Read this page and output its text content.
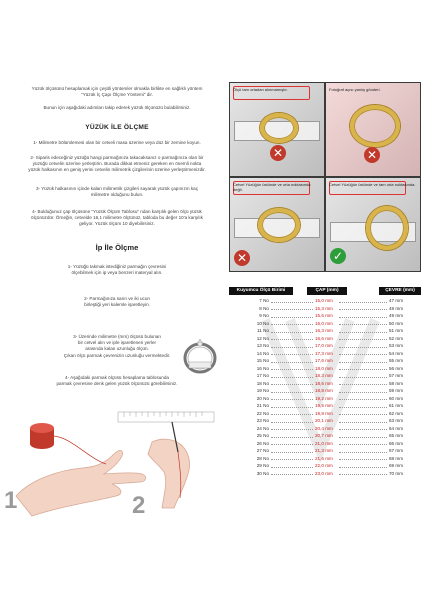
Yüzük ölçüsünü hesaplamak için çeşitli yöntemler olmakla birlikte en sağlıklı yöntem
"Yüzük İç Çapı Ölçme Yöntemi" dir.
Bunun için aşağıdaki adımları takip ederek yüzük ölçünüzü bulabilirsiniz.
YÜZÜK İLE ÖLÇME
1- Milimetre bölümlemesi olan bir cetveli masa üzerine veya düz bir zemine koyun.
2- Siparis edeceğiniz yüzüğü hangi parmağınıza takacaksanız o parmağınıza olan bir
yüzüğü cetvelin üzerine yerleştirin. Burada dikkat etmeniz gereken en önemli nokta
yüzük halkasının en geniş yerini cetvelin milimetrik çizgilerinin üzerine yerleştirmenizdir.
3- Yüzük halkasının içinde kalan milimetrik çizgileri sayarak yüzük çapınızın kaç
milimetre olduğunu bulun.
4- Bulduğunuz çap ölçüsüne "Yüzük Ölçüm Tablosu" ndan karşılık gelen ölçü yüzük
ölçünüzdür. Örneğin, cetvelde 16,1 milimetre ölçtünüz, tabloda bu değer 10'a karşılık
geliyor. Yüzük ölçüm 10 diyebilirsiniz.
İp İle Ölçme
1- Yüzüğü takmak istediğiniz parmağın çevresini
ölçebilmek için ip veya benzeri materyal alın.
2- Parmağınıza sarın ve iki ucun
birleştiği yeri kalemle işaretleyin.
3- Üzerinde milimetre (mm) ölçüsü bulunan
bir cetvel alın ve iple işaretlenen yerler
arasında kalan uzunluğu ölçün.
Çıkan ölçü parmak çevrenizin uzunluğu vermektedir.
4- Aşağıdaki parmak ölçüsü hesaplama tablosunda
parmak çevresine denk gelen yüzük ölçünüzü görebilirsiniz.
1	2
Ölçü tam ortadan alınmamıştır.
✕
Fotoğraf açısı yanlış gönderi.
✕
Cetvel Yüzüğün üstünde ve orta noktasında değil.
✕
Cetvel Yüzüğün üstünde ve tam orta noktasında.
✓
Kuyumcu Ölçü Birimi	ÇAP (mm)	ÇEVRE (mm)
7 No	15,0 mm	47 mm
8 No	15,3 mm	48 mm
9 No	15,6 mm	49 mm
10 No	16,0 mm	50 mm
11 No	16,3 mm	51 mm
12 No	16,6 mm	52 mm
13 No	17,0 mm	53 mm
14 No	17,3 mm	54 mm
15 No	17,6 mm	55 mm
16 No	18,0 mm	56 mm
17 No	18,3 mm	57 mm
18 No	18,6 mm	58 mm
19 No	18,8 mm	59 mm
20 No	19,2 mm	60 mm
21 No	19,5 mm	61 mm
22 No	19,8 mm	62 mm
23 No	20,1 mm	63 mm
24 No	20,4 mm	64 mm
25 No	20,7 mm	65 mm
26 No	21,0 mm	66 mm
27 No	21,3 mm	67 mm
28 No	21,6 mm	68 mm
29 No	22,0 mm	69 mm
30 No	23,0 mm	70 mm
